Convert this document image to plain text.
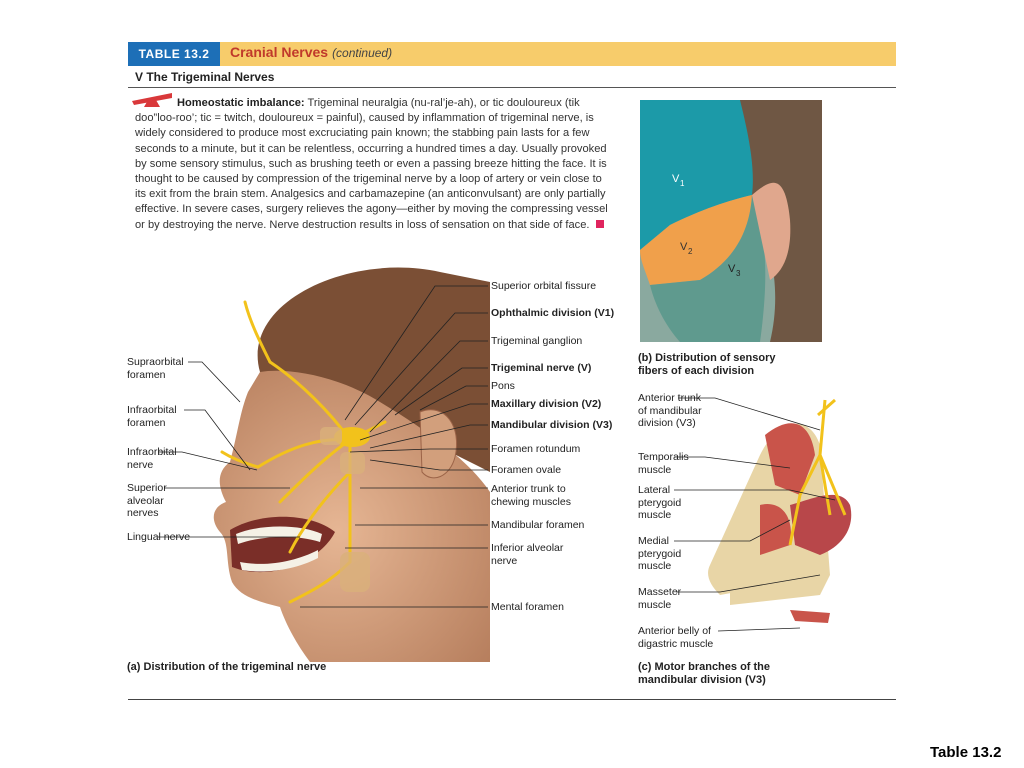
TABLE 13.2	Cranial Nerves (continued)
V The Trigeminal Nerves
Homeostatic imbalance: Trigeminal neuralgia (nu-ral’je-ah), or tic douloureux (tik doo”loo-roo’; tic = twitch, douloureux = painful), caused by inflammation of trigeminal nerve, is widely considered to produce most excruciating pain known; the stabbing pain lasts for a few seconds to a minute, but it can be relentless, occurring a hundred times a day. Usually provoked by some sensory stimulus, such as brushing teeth or even a passing breeze hitting the face. It is thought to be caused by compression of the trigeminal nerve by a loop of artery or vein close to its exit from the brain stem. Analgesics and carbamazepine (an anticonvulsant) are only partially effective. In severe cases, surgery relieves the agony—either by moving the compressing vessel or by destroying the nerve. Nerve destruction results in loss of sensation on that side of face.
Supraorbital foramen
Infraorbital foramen
Infraorbital nerve
Superior alveolar nerves
Lingual nerve
Superior orbital fissure
Ophthalmic division (V1)
Trigeminal ganglion
Trigeminal nerve (V)
Pons
Maxillary division (V2)
Mandibular division (V3)
Foramen rotundum
Foramen ovale
Anterior trunk to chewing muscles
Mandibular foramen
Inferior alveolar nerve
Mental foramen
(a) Distribution of the trigeminal nerve
V 1
V 2
V 3
(b) Distribution of sensory fibers of each division
Anterior trunk of mandibular division (V3)
Temporalis muscle
Lateral pterygoid muscle
Medial pterygoid muscle
Masseter muscle
Anterior belly of digastric muscle
(c) Motor branches of the mandibular division (V3)
Table 13.2
